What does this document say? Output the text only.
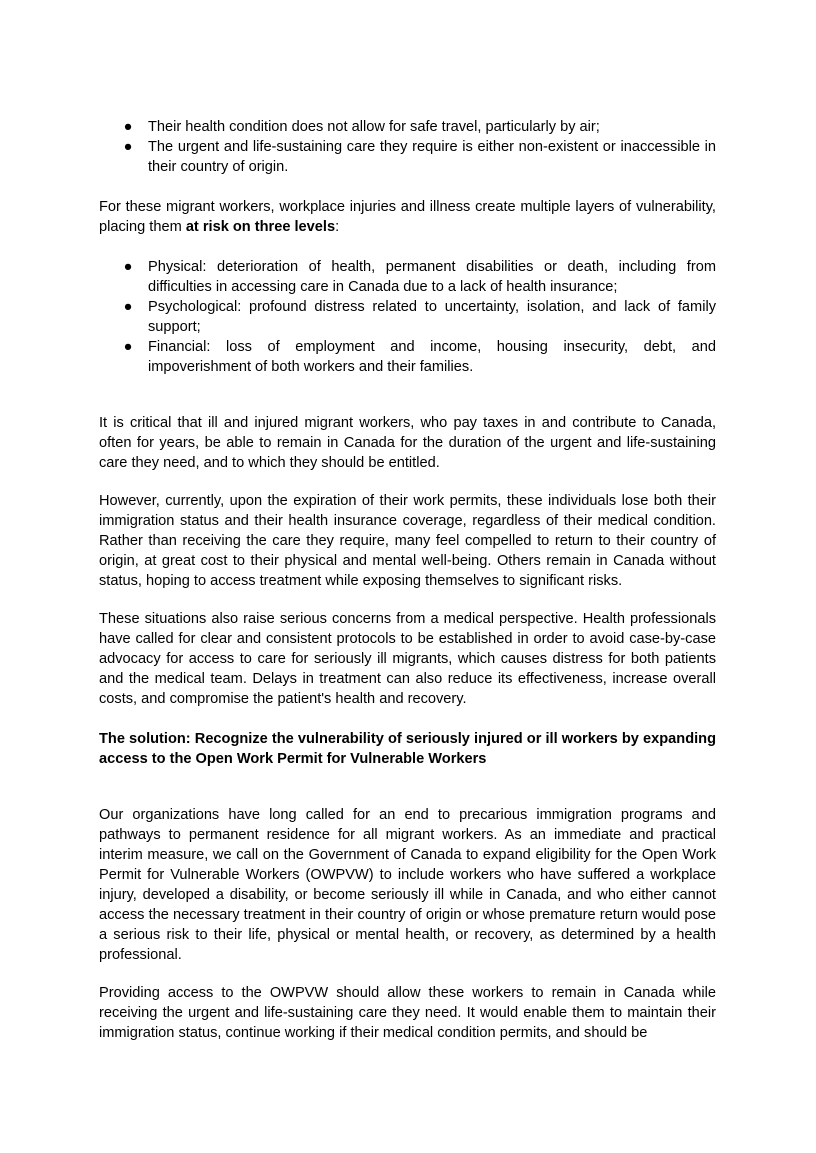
● Their health condition does not allow for safe travel, particularly by air;
● The urgent and life-sustaining care they require is either non-existent or inaccessible in their country of origin.

For these migrant workers, workplace injuries and illness create multiple layers of vulnerability, placing them at risk on three levels:

● Physical: deterioration of health, permanent disabilities or death, including from difficulties in accessing care in Canada due to a lack of health insurance;
● Psychological: profound distress related to uncertainty, isolation, and lack of family support;
● Financial: loss of employment and income, housing insecurity, debt, and impoverishment of both workers and their families.

It is critical that ill and injured migrant workers, who pay taxes in and contribute to Canada, often for years, be able to remain in Canada for the duration of the urgent and life-sustaining care they need, and to which they should be entitled.

However, currently, upon the expiration of their work permits, these individuals lose both their immigration status and their health insurance coverage, regardless of their medical condition. Rather than receiving the care they require, many feel compelled to return to their country of origin, at great cost to their physical and mental well-being. Others remain in Canada without status, hoping to access treatment while exposing themselves to significant risks.

These situations also raise serious concerns from a medical perspective. Health professionals have called for clear and consistent protocols to be established in order to avoid case-by-case advocacy for access to care for seriously ill migrants, which causes distress for both patients and the medical team. Delays in treatment can also reduce its effectiveness, increase overall costs, and compromise the patient's health and recovery.

The solution: Recognize the vulnerability of seriously injured or ill workers by expanding access to the Open Work Permit for Vulnerable Workers

Our organizations have long called for an end to precarious immigration programs and pathways to permanent residence for all migrant workers. As an immediate and practical interim measure, we call on the Government of Canada to expand eligibility for the Open Work Permit for Vulnerable Workers (OWPVW) to include workers who have suffered a workplace injury, developed a disability, or become seriously ill while in Canada, and who either cannot access the necessary treatment in their country of origin or whose premature return would pose a serious risk to their life, physical or mental health, or recovery, as determined by a health professional.

Providing access to the OWPVW should allow these workers to remain in Canada while receiving the urgent and life-sustaining care they need. It would enable them to maintain their immigration status, continue working if their medical condition permits, and should be
